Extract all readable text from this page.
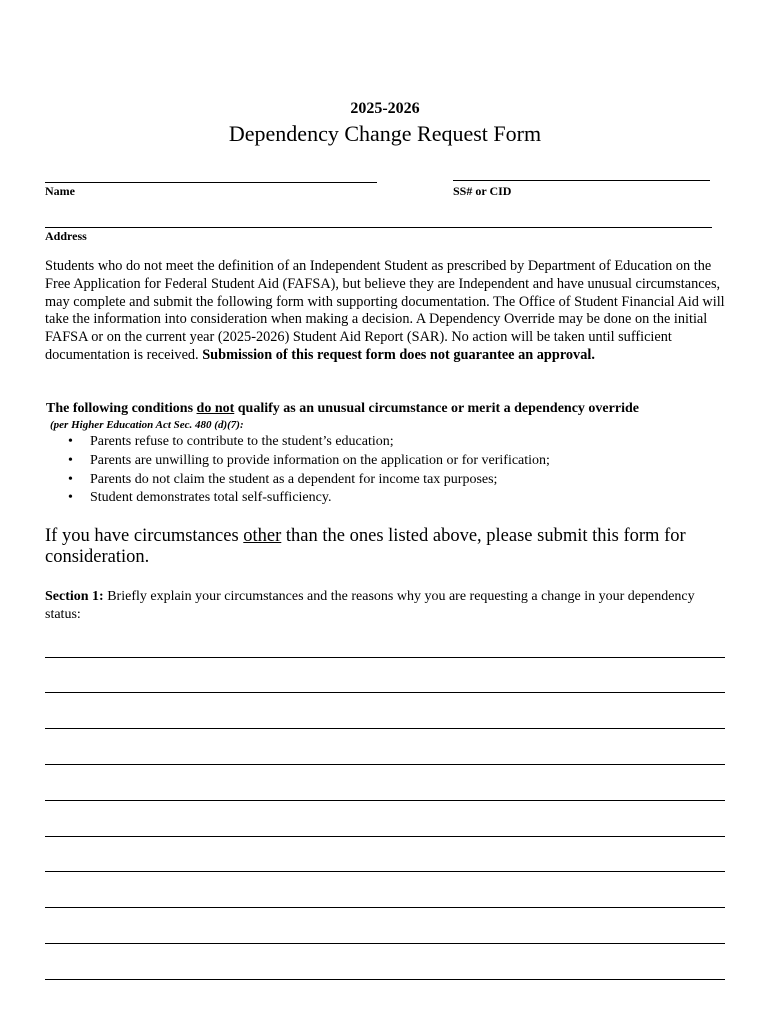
2025-2026
Dependency Change Request Form
Name	SS# or CID
Address
Students who do not meet the definition of an Independent Student as prescribed by Department of Education on the Free Application for Federal Student Aid (FAFSA), but believe they are Independent and have unusual circumstances, may complete and submit the following form with supporting documentation. The Office of Student Financial Aid will take the information into consideration when making a decision. A Dependency Override may be done on the initial FAFSA or on the current year (2025-2026) Student Aid Report (SAR). No action will be taken until sufficient documentation is received. Submission of this request form does not guarantee an approval.
The following conditions do not qualify as an unusual circumstance or merit a dependency override
(per Higher Education Act Sec. 480 (d)(7):
• Parents refuse to contribute to the student’s education;
• Parents are unwilling to provide information on the application or for verification;
• Parents do not claim the student as a dependent for income tax purposes;
• Student demonstrates total self-sufficiency.
If you have circumstances other than the ones listed above, please submit this form for consideration.
Section 1: Briefly explain your circumstances and the reasons why you are requesting a change in your dependency status:
